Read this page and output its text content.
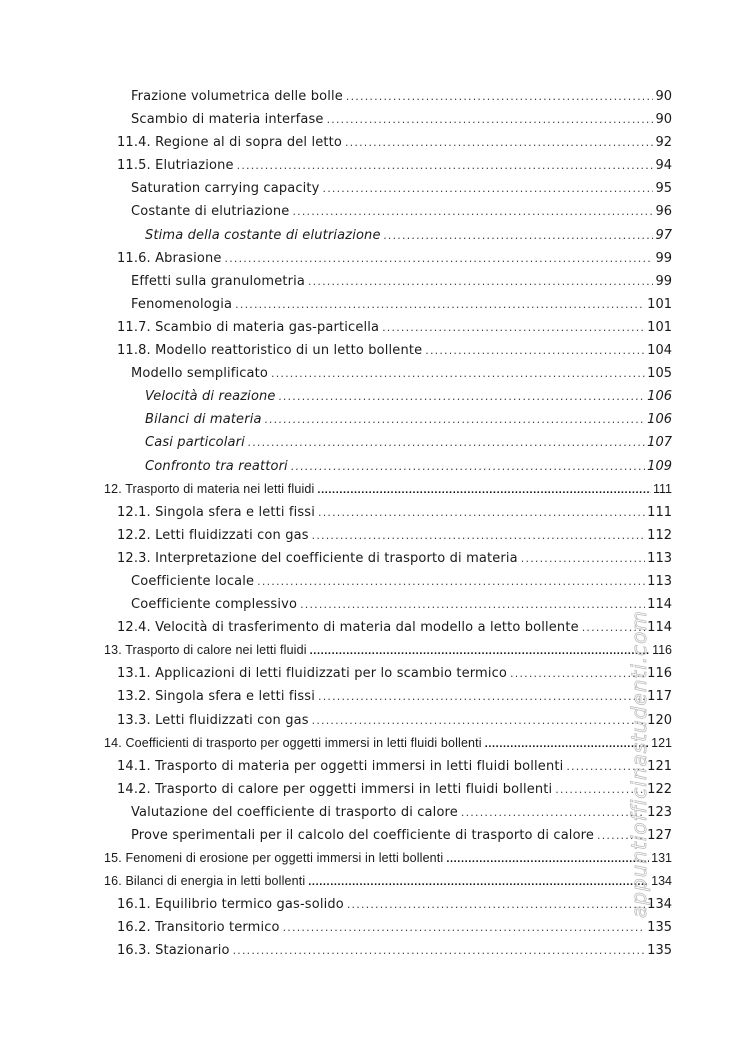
Frazione volumetrica delle bolle .....	90
Scambio di materia interfase .....	90
11.4. Regione al di sopra del letto .....	92
11.5. Elutriazione .....	94
Saturation carrying capacity .....	95
Costante di elutriazione .....	96
Stima della costante di elutriazione .....	97
11.6. Abrasione .....	99
Effetti sulla granulometria .....	99
Fenomenologia .....	101
11.7. Scambio di materia gas-particella .....	101
11.8. Modello reattoristico di un letto bollente .....	104
Modello semplificato .....	105
Velocità di reazione .....	106
Bilanci di materia .....	106
Casi particolari .....	107
Confronto tra reattori .....	109
12. Trasporto di materia nei letti fluidi .....	111
12.1. Singola sfera e letti fissi .....	111
12.2. Letti fluidizzati con gas .....	112
12.3. Interpretazione del coefficiente di trasporto di materia .....	113
Coefficiente locale .....	113
Coefficiente complessivo .....	114
12.4. Velocità di trasferimento di materia dal modello a letto bollente .....	114
13. Trasporto di calore nei letti fluidi .....	116
13.1. Applicazioni di letti fluidizzati per lo scambio termico .....	116
13.2. Singola sfera e letti fissi .....	117
13.3. Letti fluidizzati con gas .....	120
14. Coefficienti di trasporto per oggetti immersi in letti fluidi bollenti .....	121
14.1. Trasporto di materia per oggetti immersi in letti fluidi bollenti .....	121
14.2. Trasporto di calore per oggetti immersi in letti fluidi bollenti .....	122
Valutazione del coefficiente di trasporto di calore .....	123
Prove sperimentali per il calcolo del coefficiente di trasporto di calore .....	127
15. Fenomeni di erosione per oggetti immersi in letti bollenti .....	131
16. Bilanci di energia in letti bollenti .....	134
16.1. Equilibrio termico gas-solido .....	134
16.2. Transitorio termico .....	135
16.3. Stazionario .....	135
appuntiofficinastudenti.com
